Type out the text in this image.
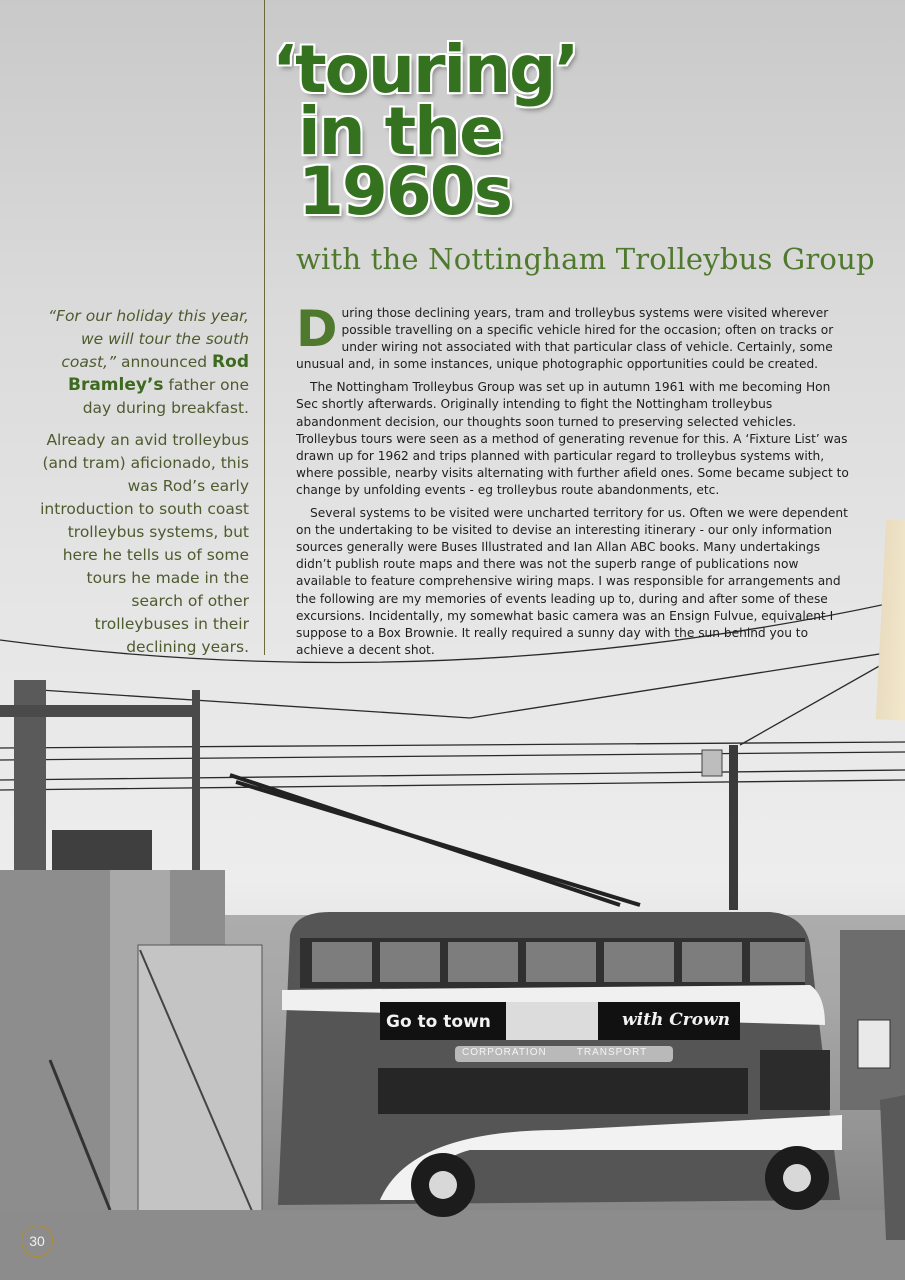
Go to town	with Crown
CORPORATION        TRANSPORT
‘touring’
in the
1960s
with the Nottingham Trolleybus Group

“For our holiday this year, we will tour the south coast,” announced Rod Bramley’s father one day during breakfast.

Already an avid trolleybus (and tram) aficionado, this was Rod’s early introduction to south coast trolleybus systems, but here he tells us of some tours he made in the search of other trolleybuses in their declining years.

During those declining years, tram and trolleybus systems were visited wherever possible travelling on a specific vehicle hired for the occasion; often on tracks or under wiring not associated with that particular class of vehicle. Certainly, some unusual and, in some instances, unique photographic opportunities could be created.

The Nottingham Trolleybus Group was set up in autumn 1961 with me becoming Hon Sec shortly afterwards. Originally intending to fight the Nottingham trolleybus abandonment decision, our thoughts soon turned to preserving selected vehicles. Trolleybus tours were seen as a method of generating revenue for this. A ‘Fixture List’ was drawn up for 1962 and trips planned with particular regard to trolleybus systems with, where possible, nearby visits alternating with further afield ones. Some became subject to change by unfolding events - eg trolleybus route abandonments, etc.

Several systems to be visited were uncharted territory for us. Often we were dependent on the undertaking to be visited to devise an interesting itinerary - our only information sources generally were Buses Illustrated and Ian Allan ABC books. Many undertakings didn’t publish route maps and there was not the superb range of publications now available to feature comprehensive wiring maps. I was responsible for arrangements and the following are my memories of events leading up to, during and after some of these excursions. Incidentally, my somewhat basic camera was an Ensign Fulvue, equivalent I suppose to a Box Brownie. It really required a sunny day with the sun behind you to achieve a decent shot.

30
